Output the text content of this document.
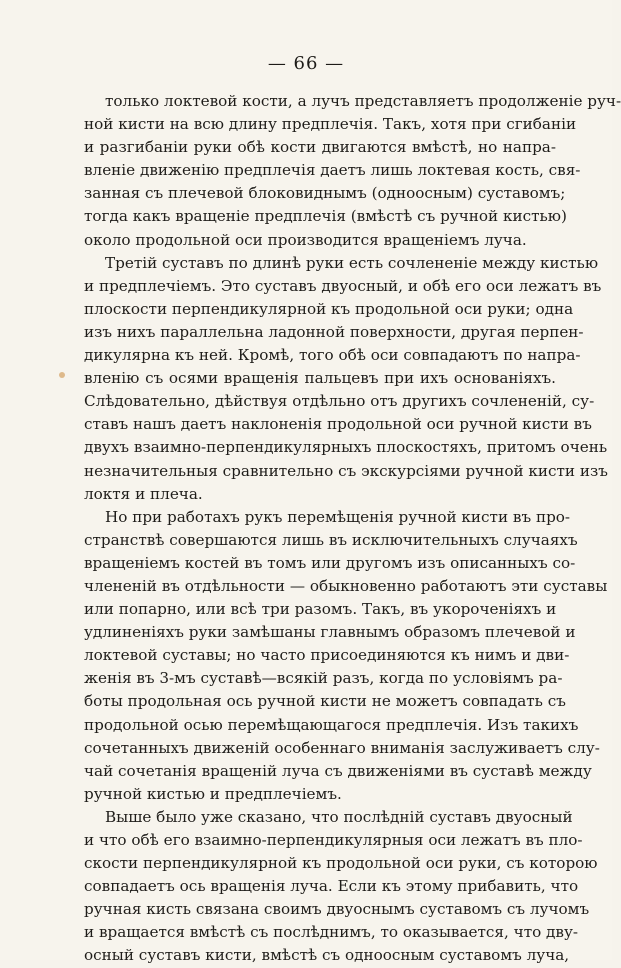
— 66 —
только локтевой кости, а лучъ представляетъ продолженіе руч-
ной кисти на всю длину предплечія. Такъ, хотя при сгибаніи
и разгибаніи руки обѣ кости двигаются вмѣстѣ, но напра-
вленіе движенію предплечія даетъ лишь локтевая кость, свя-
занная съ плечевой блоковиднымъ (одноосным) суставомъ;
тогда какъ вращеніе предплечія (вмѣстѣ съ ручной кистью)
около продольной оси производится вращеніемъ луча.
Третій суставъ по длинѣ руки есть сочлененіе между кистью
и предплечіемъ. Это суставъ двуосный, и обѣ его оси лежатъ въ
плоскости перпендикулярной къ продольной оси руки; одна
изъ нихъ параллельна ладонной поверхности, другая перпен-
дикулярна къ ней. Кромѣ, того обѣ оси совпадаютъ по напра-
вленію съ осями вращенія пальцевъ при ихъ основаніяхъ.
Слѣдовательно, дѣйствуя отдѣльно отъ другихъ сочлененій, су-
ставъ нашъ даетъ наклоненія продольной оси ручной кисти въ
двухъ взаимно-перпендикулярныхъ плоскостяхъ, притомъ очень
незначительныя сравнительно съ экскурсіями ручной кисти изъ
локтя и плеча.
Но при работахъ рукъ перемѣщенія ручной кисти въ про-
странствѣ совершаются лишь въ исключительныхъ случаяхъ
вращеніемъ костей въ томъ или другомъ изъ описанныхъ со-
члененій въ отдѣльности — обыкновенно работаютъ эти суставы
или попарно, или всѣ три разомъ. Такъ, въ укороченіяхъ и
удлиненіяхъ руки замѣшаны главнымъ образомъ плечевой и
локтевой суставы; но часто присоединяются къ нимъ и дви-
женія въ 3-мъ суставѣ—всякій разъ, когда по условіямъ ра-
боты продольная ось ручной кисти не можетъ совпадать съ
продольной осью перемѣщающагося предплечія. Изъ такихъ
сочетанныхъ движеній особеннаго вниманія заслуживаетъ слу-
чай сочетанія вращеній луча съ движеніями въ суставѣ между
ручной кистью и предплечіемъ.
Выше было уже сказано, что послѣдній суставъ двуосный
и что обѣ его взаимно-перпендикулярныя оси лежатъ въ пло-
скости перпендикулярной къ продольной оси руки, съ которою
совпадаетъ ось вращенія луча. Если къ этому прибавить, что
ручная кисть связана своимъ двуоснымъ суставомъ съ лучомъ
и вращается вмѣстѣ съ послѣднимъ, то оказывается, что дву-
осный суставъ кисти, вмѣстѣ съ одноосным суставомъ луча,
